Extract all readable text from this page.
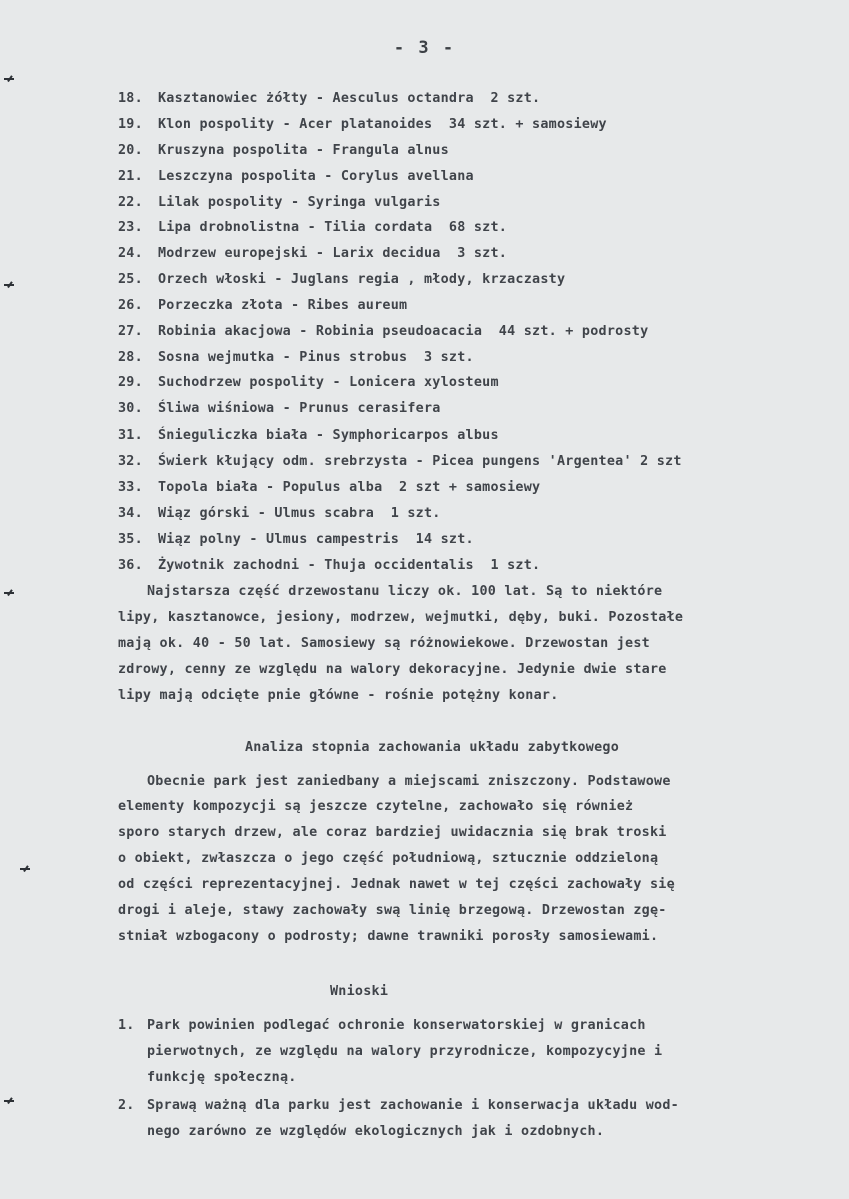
- 3 -
18. Kasztanowiec żółty - Aesculus octandra  2 szt.
19. Klon pospolity - Acer platanoides  34 szt. + samosiewy
20. Kruszyna pospolita - Frangula alnus
21. Leszczyna pospolita - Corylus avellana
22. Lilak pospolity - Syringa vulgaris
23. Lipa drobnolistna - Tilia cordata  68 szt.
24. Modrzew europejski - Larix decidua  3 szt.
25. Orzech włoski - Juglans regia , młody, krzaczasty
26. Porzeczka złota - Ribes aureum
27. Robinia akacjowa - Robinia pseudoacacia  44 szt. + podrosty
28. Sosna wejmutka - Pinus strobus  3 szt.
29. Suchodrzew pospolity - Lonicera xylosteum
30. Śliwa wiśniowa - Prunus cerasifera
31. Śnieguliczka biała - Symphoricarpos albus
32. Świerk kłujący odm. srebrzysta - Picea pungens 'Argentea' 2 szt
33. Topola biała - Populus alba  2 szt + samosiewy
34. Wiąz górski - Ulmus scabra  1 szt.
35. Wiąz polny - Ulmus campestris  14 szt.
36. Żywotnik zachodni - Thuja occidentalis  1 szt.
Najstarsza część drzewostanu liczy ok. 100 lat. Są to niektóre
lipy, kasztanowce, jesiony, modrzew, wejmutki, dęby, buki. Pozostałe
mają ok. 40 - 50 lat. Samosiewy są różnowiekowe. Drzewostan jest
zdrowy, cenny ze względu na walory dekoracyjne. Jedynie dwie stare
lipy mają odcięte pnie główne - rośnie potężny konar.
Analiza stopnia zachowania układu zabytkowego
Obecnie park jest zaniedbany a miejscami zniszczony. Podstawowe
elementy kompozycji są jeszcze czytelne, zachowało się również
sporo starych drzew, ale coraz bardziej uwidacznia się brak troski
o obiekt, zwłaszcza o jego część południową, sztucznie oddzieloną
od części reprezentacyjnej. Jednak nawet w tej części zachowały się
drogi i aleje, stawy zachowały swą linię brzegową. Drzewostan zgę-
stniał wzbogacony o podrosty; dawne trawniki porosły samosiewami.
Wnioski
1. Park powinien podlegać ochronie konserwatorskiej w granicach
pierwotnych, ze względu na walory przyrodnicze, kompozycyjne i
funkcję społeczną.
2. Sprawą ważną dla parku jest zachowanie i konserwacja układu wod-
nego zarówno ze względów ekologicznych jak i ozdobnych.
